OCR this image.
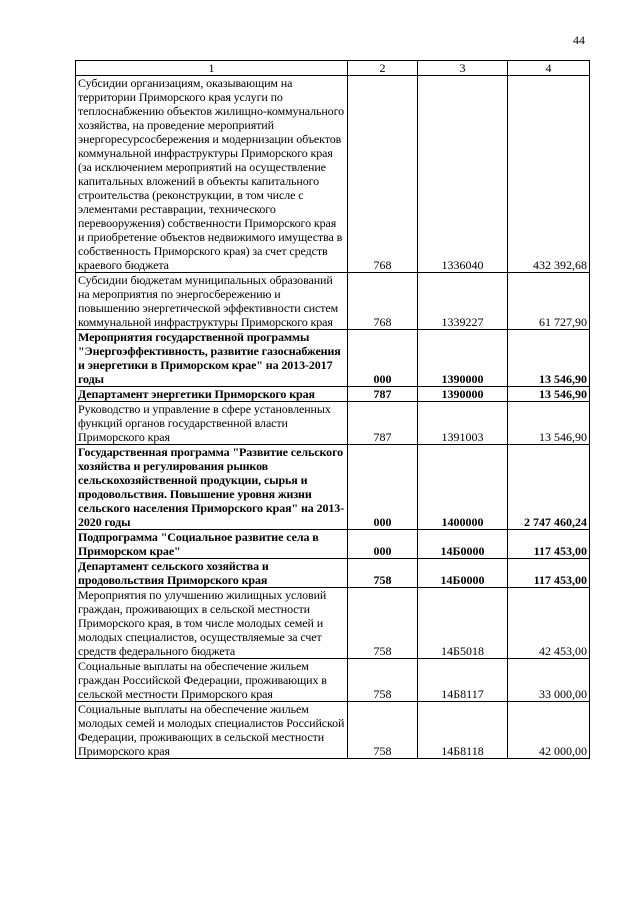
44
1	2	3	4
Субсидии организациям, оказывающим на территории Приморского края услуги по теплоснабжению объектов жилищно-коммунального хозяйства, на проведение мероприятий энергоресурсосбережения и модернизации объектов коммунальной инфраструктуры Приморского края (за исключением мероприятий на осуществление капитальных вложений в объекты капитального строительства (реконструкции, в том числе с элементами реставрации, технического перевооружения) собственности Приморского края и приобретение объектов недвижимого имущества в собственность Приморского края) за счет средств краевого бюджета	768	1336040	432 392,68
Субсидии бюджетам муниципальных образований на мероприятия по энергосбережению и повышению энергетической эффективности систем коммунальной инфраструктуры Приморского края	768	1339227	61 727,90
Мероприятия государственной программы "Энергоэффективность, развитие газоснабжения и энергетики в Приморском крае" на 2013-2017 годы	000	1390000	13 546,90
Департамент энергетики Приморского края	787	1390000	13 546,90
Руководство и управление в сфере установленных функций органов государственной власти Приморского края	787	1391003	13 546,90
Государственная программа "Развитие сельского хозяйства и регулирования рынков сельскохозяйственной продукции, сырья и продовольствия. Повышение уровня жизни сельского населения Приморского края" на 2013-2020 годы	000	1400000	2 747 460,24
Подпрограмма "Социальное развитие села в Приморском крае"	000	14Б0000	117 453,00
Департамент сельского хозяйства и продовольствия Приморского края	758	14Б0000	117 453,00
Мероприятия по улучшению жилищных условий граждан, проживающих в сельской местности Приморского края, в том числе молодых семей и молодых специалистов, осуществляемые за счет средств федерального бюджета	758	14Б5018	42 453,00
Социальные выплаты на обеспечение жильем граждан Российской Федерации, проживающих в сельской местности Приморского края	758	14Б8117	33 000,00
Социальные выплаты на обеспечение жильем молодых семей и молодых специалистов Российской Федерации, проживающих в сельской местности Приморского края	758	14Б8118	42 000,00
